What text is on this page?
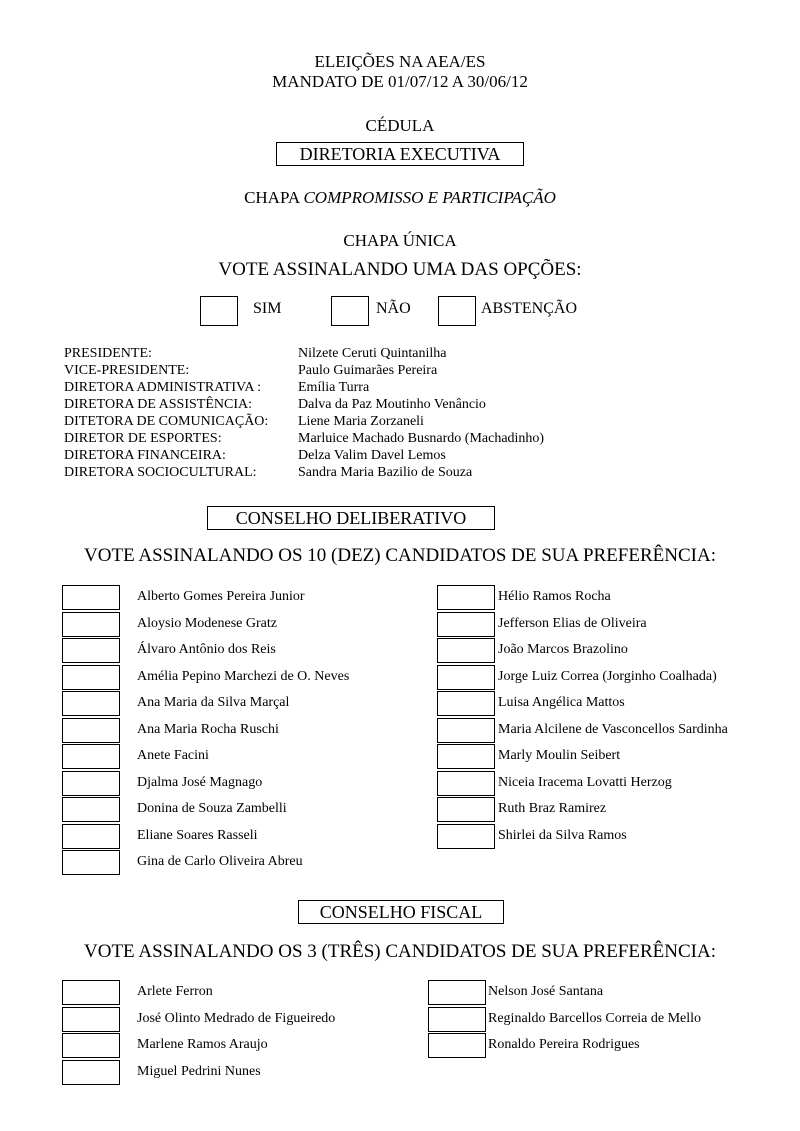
ELEIÇÕES NA AEA/ES
MANDATO DE 01/07/12 A 30/06/12
CÉDULA
DIRETORIA EXECUTIVA
CHAPA COMPROMISSO E PARTICIPAÇÃO
CHAPA ÚNICA
VOTE ASSINALANDO UMA DAS OPÇÕES:
SIM	NÃO	ABSTENÇÃO
PRESIDENTE:	Nilzete Ceruti Quintanilha
VICE-PRESIDENTE:	Paulo Guimarães Pereira
DIRETORA ADMINISTRATIVA :	Emília Turra
DIRETORA DE ASSISTÊNCIA:	Dalva da Paz Moutinho Venâncio
DITETORA DE COMUNICAÇÃO: Liene Maria Zorzaneli
DIRETOR DE ESPORTES:	Marluice Machado Busnardo (Machadinho)
DIRETORA FINANCEIRA:	Delza Valim Davel Lemos
DIRETORA SOCIOCULTURAL:	Sandra Maria Bazilio de Souza
CONSELHO DELIBERATIVO
VOTE ASSINALANDO OS 10 (DEZ) CANDIDATOS DE SUA PREFERÊNCIA:
Alberto Gomes Pereira Junior
Aloysio Modenese Gratz
Álvaro Antônio dos Reis
Amélia Pepino Marchezi de O. Neves
Ana Maria da Silva Marçal
Ana Maria Rocha Ruschi
Anete Facini
Djalma José Magnago
Donina de Souza Zambelli
Eliane Soares Rasseli
Gina de Carlo Oliveira Abreu
Hélio Ramos Rocha
Jefferson Elias de Oliveira
João Marcos Brazolino
Jorge Luiz Correa (Jorginho Coalhada)
Luisa Angélica Mattos
Maria Alcilene de Vasconcellos Sardinha
Marly Moulin Seibert
Niceia Iracema Lovatti Herzog
Ruth Braz Ramirez
Shirlei da Silva Ramos
CONSELHO FISCAL
VOTE ASSINALANDO OS 3 (TRÊS) CANDIDATOS DE SUA PREFERÊNCIA:
Arlete Ferron
José Olinto Medrado de Figueiredo
Marlene Ramos Araujo
Miguel Pedrini Nunes
Nelson José Santana
Reginaldo Barcellos Correia de Mello
Ronaldo Pereira Rodrigues
